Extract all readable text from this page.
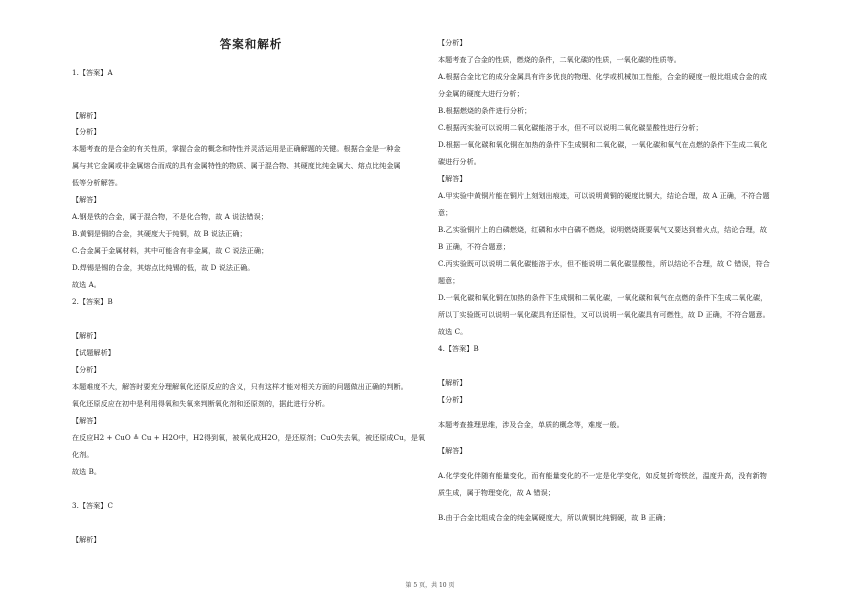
答案和解析
1.【答案】A
【解析】
【分析】
本题考查的是合金的有关性质，掌握合金的概念和特性并灵活运用是正确解题的关键。根据合金是一种金
属与其它金属或非金属熔合而成的具有金属特性的物质、属于混合物、其硬度比纯金属大、熔点比纯金属
低等分析解答。
【解答】
A.钢是铁的合金，属于混合物，不是化合物，故 A 说法错误；
B.黄铜是铜的合金，其硬度大于纯铜，故 B 说法正确；
C.合金属于金属材料，其中可能含有非金属，故 C 说法正确；
D.焊锡是锡的合金，其熔点比纯锡的低，故 D 说法正确。
故选 A。
2.【答案】B
【解析】
【试题解析】
【分析】
本题难度不大，解答时要充分理解氧化还原反应的含义，只有这样才能对相关方面的问题做出正确的判断。
氧化还原反应在初中是利用得氧和失氧来判断氧化剂和还原剂的，据此进行分析。
【解答】
在反应H2 + CuO ≜ Cu + H2O中，H2得到氧，被氧化成H2O，是还原剂；CuO失去氧，被还原成Cu，是氧
化剂。
故选 B。
3.【答案】C
【解析】
【分析】
本题考查了合金的性质，燃烧的条件，二氧化碳的性质，一氧化碳的性质等。
A.根据合金比它的成分金属具有许多优良的物理、化学或机械加工性能，合金的硬度一般比组成合金的成
分金属的硬度大进行分析；
B.根据燃烧的条件进行分析；
C.根据丙实验可以说明二氧化碳能溶于水，但不可以说明二氧化碳显酸性进行分析；
D.根据一氧化碳和氧化铜在加热的条件下生成铜和二氧化碳，一氧化碳和氧气在点燃的条件下生成二氧化
碳进行分析。
【解答】
A.甲实验中黄铜片能在铜片上刻划出痕迹，可以说明黄铜的硬度比铜大，结论合理，故 A 正确，不符合题
意；
B.乙实验铜片上的白磷燃烧，红磷和水中白磷不燃烧，说明燃烧既要氧气又要达到着火点，结论合理，故
B 正确，不符合题意；
C.丙实验既可以说明二氧化碳能溶于水，但不能说明二氧化碳显酸性，所以结论不合理，故 C 错误，符合
题意；
D.一氧化碳和氧化铜在加热的条件下生成铜和二氧化碳，一氧化碳和氧气在点燃的条件下生成二氧化碳，
所以丁实验既可以说明一氧化碳具有还原性，又可以说明一氧化碳具有可燃性，故 D 正确，不符合题意。
故选 C。
4.【答案】B
【解析】
【分析】
本题考查推理思维，涉及合金，单质的概念等，难度一般。
【解答】
A.化学变化伴随有能量变化，而有能量变化的不一定是化学变化，如反复折弯铁丝，温度升高，没有新物
质生成，属于物理变化，故 A 错误；
B.由于合金比组成合金的纯金属硬度大，所以黄铜比纯铜硬，故 B 正确；
第 5 页，共 10 页
